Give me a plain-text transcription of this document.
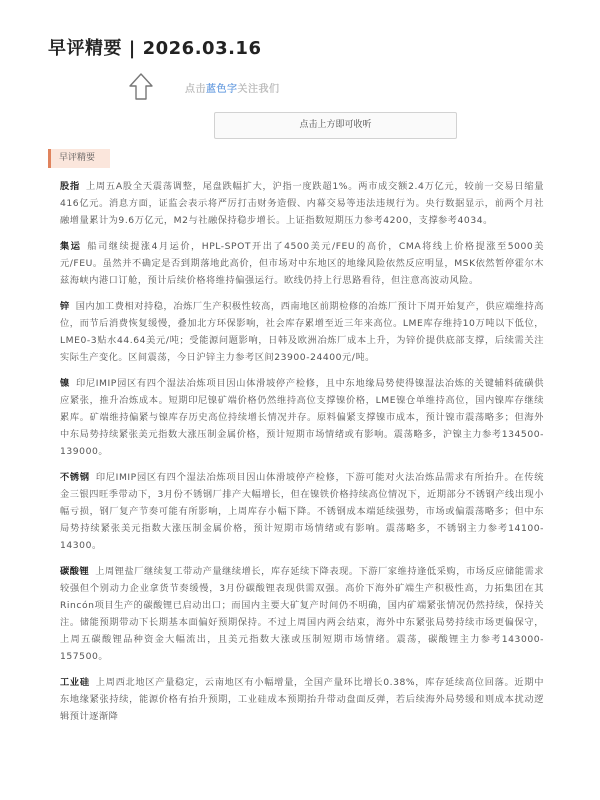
早评精要 | 2026.03.16
点击蓝色字关注我们
点击上方即可收听
早评精要

股指 上周五A股全天震荡调整，尾盘跌幅扩大，沪指一度跌超1%。两市成交额2.4万亿元，较前一交易日缩量416亿元。消息方面，证监会表示将严厉打击财务造假、内幕交易等违法违规行为。央行数据显示，前两个月社融增量累计为9.6万亿元，M2与社融保持稳步增长。上证指数短期压力参考4200，支撑参考4034。

集运 船司继续提涨4月运价，HPL-SPOT开出了4500美元/FEU的高价，CMA将线上价格提涨至5000美元/FEU。虽然并不确定是否到期落地此高价，但市场对中东地区的地缘风险依然反应明显，MSK依然暂停霍尔木兹海峡内港口订舱，预计后续价格将维持偏强运行。欧线仍持上行思路看待，但注意高波动风险。

锌 国内加工费相对持稳，冶炼厂生产积极性较高，西南地区前期检修的冶炼厂预计下周开始复产，供应端维持高位，而节后消费恢复缓慢，叠加北方环保影响，社会库存累增至近三年来高位。LME库存维持10万吨以下低位，LME0-3贴水44.64美元/吨；受能源问题影响，日韩及欧洲冶炼厂成本上升，为锌价提供底部支撑，后续需关注实际生产变化。区间震荡，今日沪锌主力参考区间23900-24400元/吨。

镍 印尼IMIP园区有四个湿法冶炼项目因山体滑坡停产检修，且中东地缘局势使得镍湿法冶炼的关键辅料硫磺供应紧张，推升冶炼成本。短期印尼镍矿端价格仍然维持高位支撑镍价格，LME镍仓单维持高位，国内镍库存继续累库。矿端维持偏紧与镍库存历史高位持续增长情况并存。原料偏紧支撑镍市成本，预计镍市震荡略多；但海外中东局势持续紧张美元指数大涨压制金属价格，预计短期市场情绪或有影响。震荡略多，沪镍主力参考134500-139000。

不锈钢 印尼IMIP园区有四个湿法冶炼项目因山体滑坡停产检修，下游可能对火法冶炼品需求有所抬升。在传统金三银四旺季带动下，3月份不锈钢厂排产大幅增长，但在镍铁价格持续高位情况下，近期部分不锈钢产线出现小幅亏损，钢厂复产节奏可能有所影响，上周库存小幅下降。不锈钢成本端延续强势，市场或偏震荡略多；但中东局势持续紧张美元指数大涨压制金属价格，预计短期市场情绪或有影响。震荡略多，不锈钢主力参考14100-14300。

碳酸锂 上周锂盐厂继续复工带动产量继续增长，库存延续下降表现。下游厂家维持逢低采购，市场反应储能需求较强但个别动力企业拿货节奏缓慢，3月份碳酸锂表现供需双强。高价下海外矿端生产积极性高，力拓集团在其Rincón项目生产的碳酸锂已启动出口；而国内主要大矿复产时间仍不明确，国内矿端紧张情况仍然持续，保持关注。储能预期带动下长期基本面偏好预期保持。不过上周国内两会结束，海外中东紧张局势持续市场更偏保守，上周五碳酸锂品种资金大幅流出，且美元指数大涨或压制短期市场情绪。震荡，碳酸锂主力参考143000-157500。

工业硅 上周西北地区产量稳定，云南地区有小幅增量，全国产量环比增长0.38%，库存延续高位回落。近期中东地缘紧张持续，能源价格有抬升预期，工业硅成本预期抬升带动盘面反弹，若后续海外局势缓和则成本扰动逻辑预计逐渐降
